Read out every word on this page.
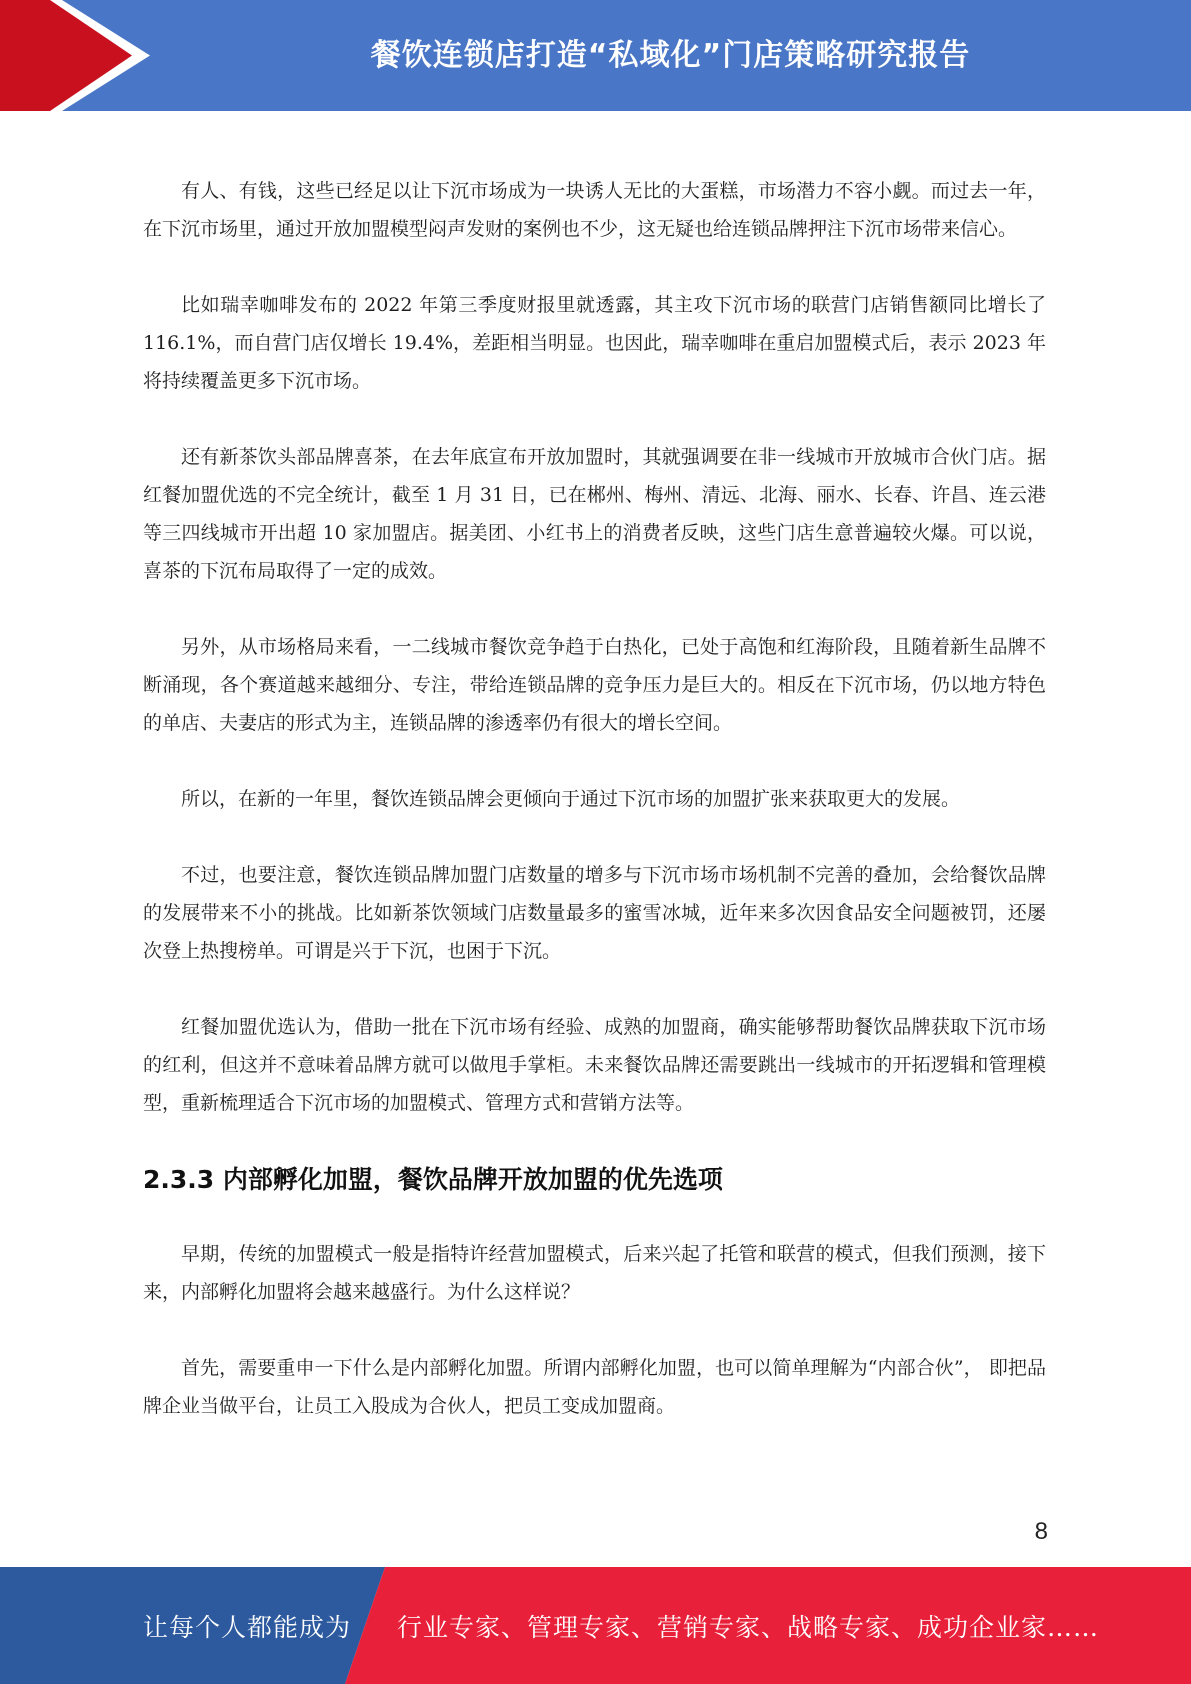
餐饮连锁店打造“私域化”门店策略研究报告

有人、有钱，这些已经足以让下沉市场成为一块诱人无比的大蛋糕，市场潜力不容小觑。而过去一年，在下沉市场里，通过开放加盟模型闷声发财的案例也不少，这无疑也给连锁品牌押注下沉市场带来信心。

比如瑞幸咖啡发布的 2022 年第三季度财报里就透露，其主攻下沉市场的联营门店销售额同比增长了 116.1%，而自营门店仅增长 19.4%，差距相当明显。也因此，瑞幸咖啡在重启加盟模式后，表示 2023 年将持续覆盖更多下沉市场。

还有新茶饮头部品牌喜茶，在去年底宣布开放加盟时，其就强调要在非一线城市开放城市合伙门店。据红餐加盟优选的不完全统计，截至 1 月 31 日，已在郴州、梅州、清远、北海、丽水、长春、许昌、连云港等三四线城市开出超 10 家加盟店。据美团、小红书上的消费者反映，这些门店生意普遍较火爆。可以说，喜茶的下沉布局取得了一定的成效。

另外，从市场格局来看，一二线城市餐饮竞争趋于白热化，已处于高饱和红海阶段，且随着新生品牌不断涌现，各个赛道越来越细分、专注，带给连锁品牌的竞争压力是巨大的。相反在下沉市场，仍以地方特色的单店、夫妻店的形式为主，连锁品牌的渗透率仍有很大的增长空间。

所以，在新的一年里，餐饮连锁品牌会更倾向于通过下沉市场的加盟扩张来获取更大的发展。

不过，也要注意，餐饮连锁品牌加盟门店数量的增多与下沉市场市场机制不完善的叠加，会给餐饮品牌的发展带来不小的挑战。比如新茶饮领域门店数量最多的蜜雪冰城，近年来多次因食品安全问题被罚，还屡次登上热搜榜单。可谓是兴于下沉，也困于下沉。

红餐加盟优选认为，借助一批在下沉市场有经验、成熟的加盟商，确实能够帮助餐饮品牌获取下沉市场的红利，但这并不意味着品牌方就可以做甩手掌柜。未来餐饮品牌还需要跳出一线城市的开拓逻辑和管理模型，重新梳理适合下沉市场的加盟模式、管理方式和营销方法等。

2.3.3 内部孵化加盟，餐饮品牌开放加盟的优先选项

早期，传统的加盟模式一般是指特许经营加盟模式，后来兴起了托管和联营的模式，但我们预测，接下来，内部孵化加盟将会越来越盛行。为什么这样说？

首先，需要重申一下什么是内部孵化加盟。所谓内部孵化加盟，也可以简单理解为“内部合伙”， 即把品牌企业当做平台，让员工入股成为合伙人，把员工变成加盟商。

8
让每个人都能成为 行业专家、管理专家、营销专家、战略专家、成功企业家……
